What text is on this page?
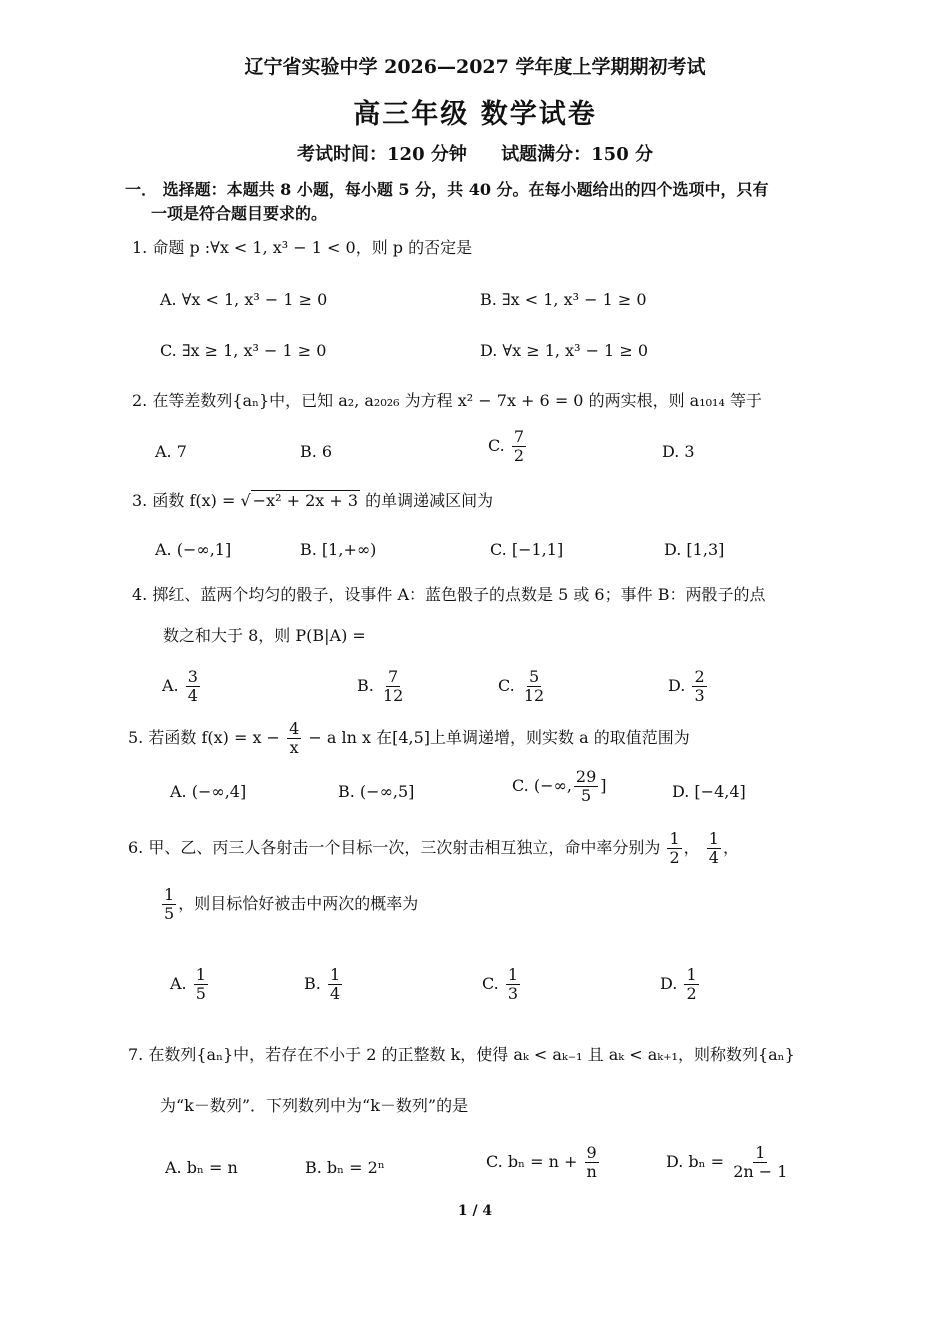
辽宁省实验中学 2026—2027 学年度上学期期初考试
高三年级 数学试卷
考试时间：120 分钟 试题满分：150 分
一． 选择题：本题共 8 小题，每小题 5 分，共 40 分。在每小题给出的四个选项中，只有
一项是符合题目要求的。
1. 命题 p :∀x < 1, x³ − 1 < 0，则 p 的否定是
A. ∀x < 1, x³ − 1 ≥ 0	B. ∃x < 1, x³ − 1 ≥ 0
C. ∃x ≥ 1, x³ − 1 ≥ 0	D. ∀x ≥ 1, x³ − 1 ≥ 0
2. 在等差数列{aₙ}中，已知 a₂, a₂₀₂₆ 为方程 x² − 7x + 6 = 0 的两实根，则 a₁₀₁₄ 等于
A. 7	B. 6	C. $\frac{7}{2}$	D. 3
3. 函数 f(x) = √ −x² + 2x + 3 的单调递减区间为
A. (−∞,1]	B. [1,+∞)	C. [−1,1]	D. [1,3]
4. 掷红、蓝两个均匀的骰子，设事件 A：蓝色骰子的点数是 5 或 6；事件 B：两骰子的点
数之和大于 8，则 P(B|A) =
A. $\frac{3}{4}$	B. $\frac{7}{12}$	C. $\frac{5}{12}$	D. $\frac{2}{3}$
5. 若函数 $f(x) = x - \frac{4}{x} - a$ ln x 在[4,5]上单调递增，则实数 a 的取值范围为
A. (−∞,4]	B. (−∞,5]	C. (−∞, $\frac{29}{5}$ ]	D. [−4,4]
6. 甲、乙、丙三人各射击一个目标一次，三次射击相互独立，命中率分别为 $\frac{1}{2}$ ， $\frac{1}{4}$ ，
$\frac{1}{5}$ ，则目标恰好被击中两次的概率为
A. $\frac{1}{5}$	B. $\frac{1}{4}$	C. $\frac{1}{3}$	D. $\frac{1}{2}$
7. 在数列{aₙ}中，若存在不小于 2 的正整数 k，使得 aₖ < aₖ₋₁ 且 aₖ < aₖ₊₁，则称数列{aₙ}
为“k－数列”．下列数列中为“k－数列”的是
A. bₙ = n	B. bₙ = 2ⁿ	C. $b_n = n + \frac{9}{n}$	D. $b_n = \frac{1}{2n - 1}$
1 / 4
